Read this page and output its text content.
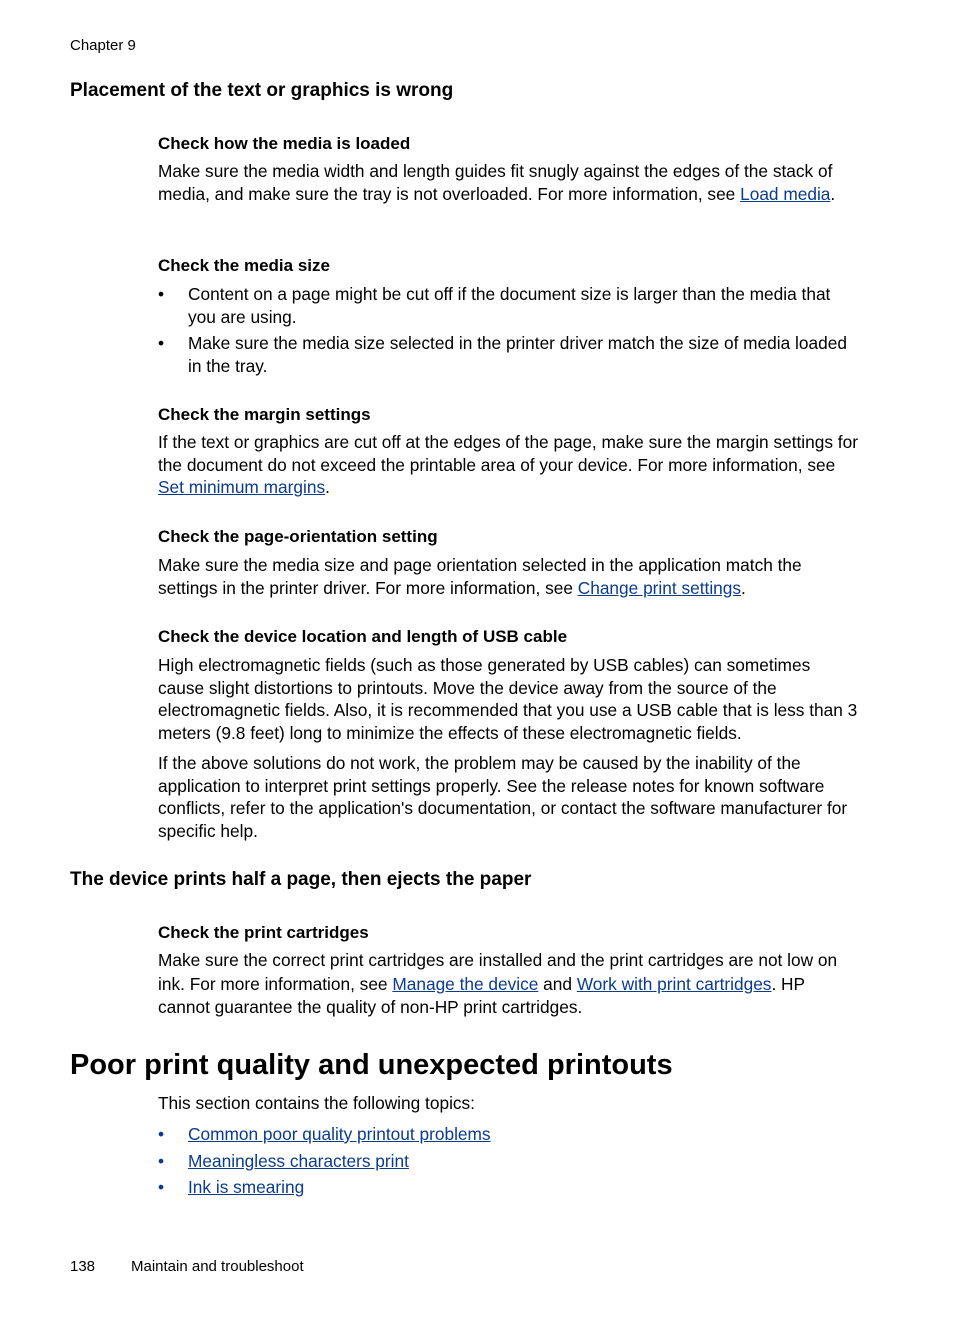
Chapter 9
Placement of the text or graphics is wrong
Check how the media is loaded
Make sure the media width and length guides fit snugly against the edges of the stack of media, and make sure the tray is not overloaded. For more information, see Load media.
Check the media size
• Content on a page might be cut off if the document size is larger than the media that you are using.
• Make sure the media size selected in the printer driver match the size of media loaded in the tray.
Check the margin settings
If the text or graphics are cut off at the edges of the page, make sure the margin settings for the document do not exceed the printable area of your device. For more information, see Set minimum margins.
Check the page-orientation setting
Make sure the media size and page orientation selected in the application match the settings in the printer driver. For more information, see Change print settings.
Check the device location and length of USB cable
High electromagnetic fields (such as those generated by USB cables) can sometimes cause slight distortions to printouts. Move the device away from the source of the electromagnetic fields. Also, it is recommended that you use a USB cable that is less than 3 meters (9.8 feet) long to minimize the effects of these electromagnetic fields.
If the above solutions do not work, the problem may be caused by the inability of the application to interpret print settings properly. See the release notes for known software conflicts, refer to the application's documentation, or contact the software manufacturer for specific help.
The device prints half a page, then ejects the paper
Check the print cartridges
Make sure the correct print cartridges are installed and the print cartridges are not low on ink. For more information, see Manage the device and Work with print cartridges. HP cannot guarantee the quality of non-HP print cartridges.
Poor print quality and unexpected printouts
This section contains the following topics:
• Common poor quality printout problems
• Meaningless characters print
• Ink is smearing
138 Maintain and troubleshoot
